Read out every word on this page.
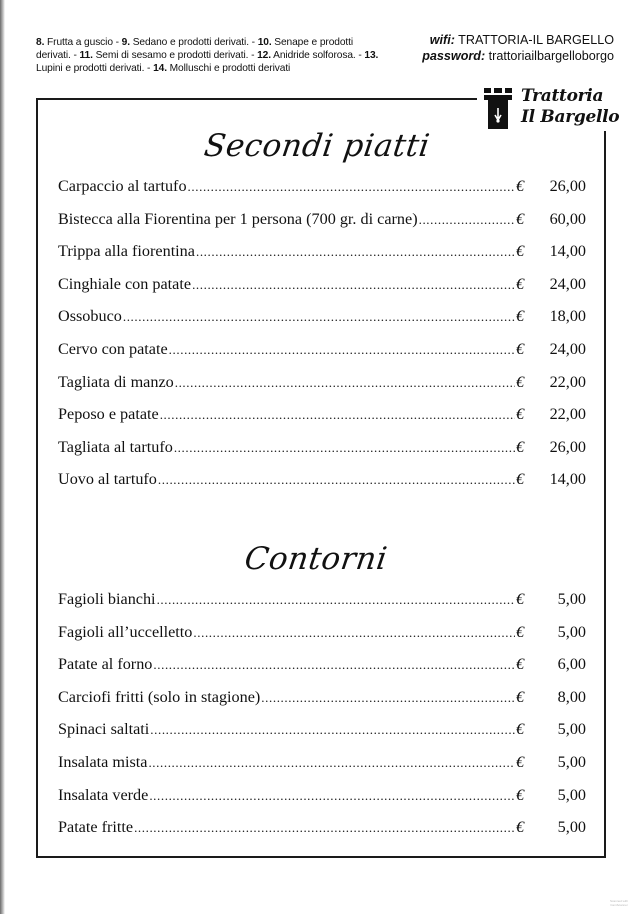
8. Frutta a guscio - 9. Sedano e prodotti derivati. - 10. Senape e prodotti derivati. - 11. Semi di sesamo e prodotti derivati. - 12. Anidride solforosa. - 13. Lupini e prodotti derivati. - 14. Molluschi e prodotti derivati
wifi: TRATTORIA-IL BARGELLO
password: trattoriailbargelloborgo
Trattoria
Il Bargello
Secondi piatti
Carpaccio al tartufo .....	€	26,00
Bistecca alla Fiorentina per 1 persona (700 gr. di carne) .....	€	60,00
Trippa alla fiorentina .....	€	14,00
Cinghiale con patate .....	€	24,00
Ossobuco .....	€	18,00
Cervo con patate .....	€	24,00
Tagliata di manzo .....	€	22,00
Peposo e patate .....	€	22,00
Tagliata al tartufo .....	€	26,00
Uovo al tartufo .....	€	14,00
Contorni
Fagioli bianchi .....	€	5,00
Fagioli all’uccelletto .....	€	5,00
Patate al forno .....	€	6,00
Carciofi fritti (solo in stagione) .....	€	8,00
Spinaci saltati .....	€	5,00
Insalata mista .....	€	5,00
Insalata verde .....	€	5,00
Patate fritte .....	€	5,00
Scanned with
CamScanner
